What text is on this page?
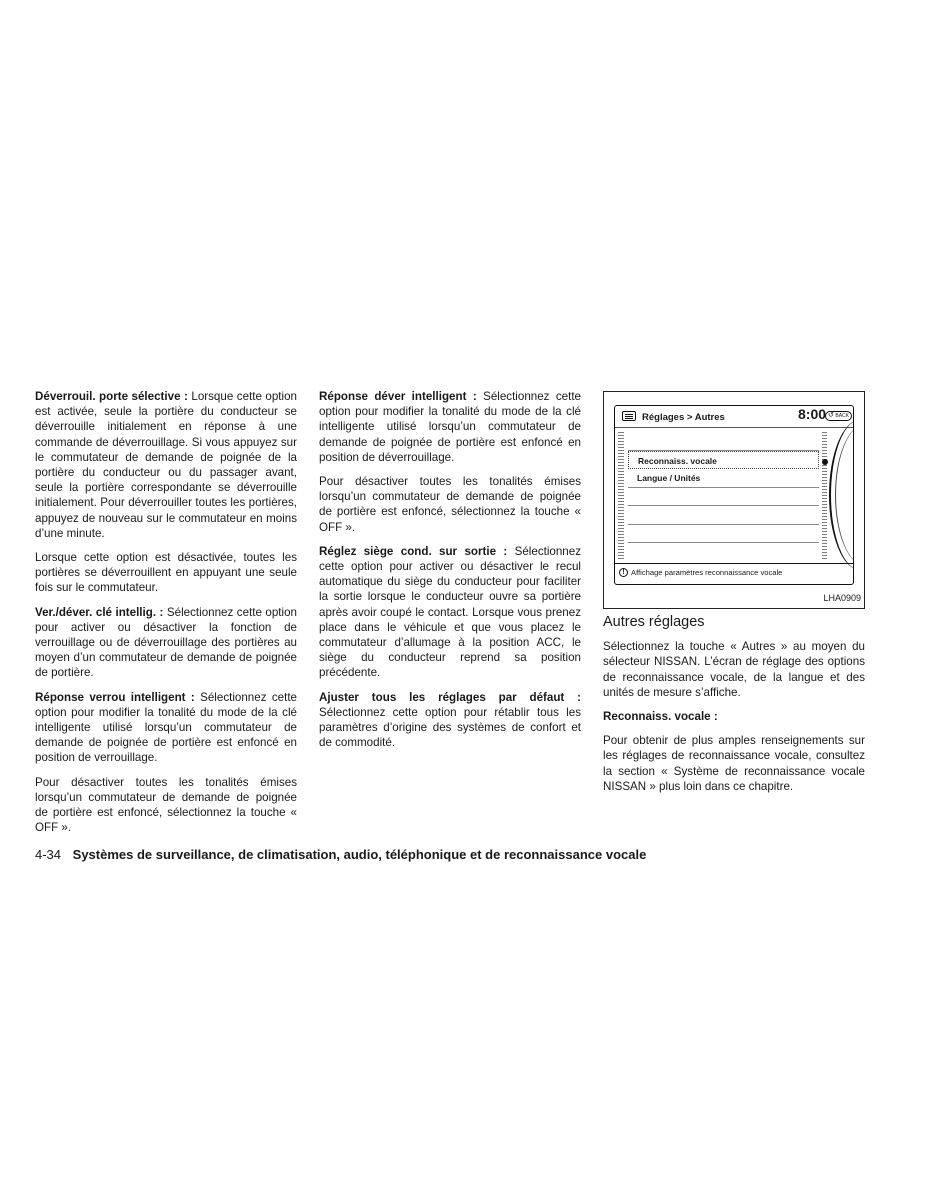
Déverrouil. porte sélective : Lorsque cette option est activée, seule la portière du conducteur se déverrouille initialement en réponse à une commande de déverrouillage. Si vous appuyez sur le commutateur de demande de poignée de la portière du conducteur ou du passager avant, seule la portière correspondante se déverrouille initialement. Pour déverrouiller toutes les portières, appuyez de nouveau sur le commutateur en moins d’une minute.

Lorsque cette option est désactivée, toutes les portières se déverrouillent en appuyant une seule fois sur le commutateur.

Ver./déver. clé intellig. : Sélectionnez cette option pour activer ou désactiver la fonction de verrouillage ou de déverrouillage des portières au moyen d’un commutateur de demande de poignée de portière.

Réponse verrou intelligent : Sélectionnez cette option pour modifier la tonalité du mode de la clé intelligente utilisé lorsqu’un commutateur de demande de poignée de portière est enfoncé en position de verrouillage.

Pour désactiver toutes les tonalités émises lorsqu’un commutateur de demande de poignée de portière est enfoncé, sélectionnez la touche « OFF ».

Réponse déver intelligent : Sélectionnez cette option pour modifier la tonalité du mode de la clé intelligente utilisé lorsqu’un commutateur de demande de poignée de portière est enfoncé en position de déverrouillage.

Pour désactiver toutes les tonalités émises lorsqu’un commutateur de demande de poignée de portière est enfoncé, sélectionnez la touche « OFF ».

Réglez siège cond. sur sortie : Sélectionnez cette option pour activer ou désactiver le recul automatique du siège du conducteur pour faciliter la sortie lorsque le conducteur ouvre sa portière après avoir coupé le contact. Lorsque vous prenez place dans le véhicule et que vous placez le commutateur d’allumage à la position ACC, le siège du conducteur reprend sa position précédente.

Ajuster tous les réglages par défaut : Sélectionnez cette option pour rétablir tous les paramètres d’origine des systèmes de confort et de commodité.

Réglages > Autres	8:00 ↺ BACK
Reconnaiss. vocale
Langue / Unités
! Affichage paramètres reconnaissance vocale
LHA0909
Autres réglages

Sélectionnez la touche « Autres » au moyen du sélecteur NISSAN. L’écran de réglage des options de reconnaissance vocale, de la langue et des unités de mesure s’affiche.

Reconnaiss. vocale :

Pour obtenir de plus amples renseignements sur les réglages de reconnaissance vocale, consultez la section « Système de reconnaissance vocale NISSAN » plus loin dans ce chapitre.

4-34 Systèmes de surveillance, de climatisation, audio, téléphonique et de reconnaissance vocale
